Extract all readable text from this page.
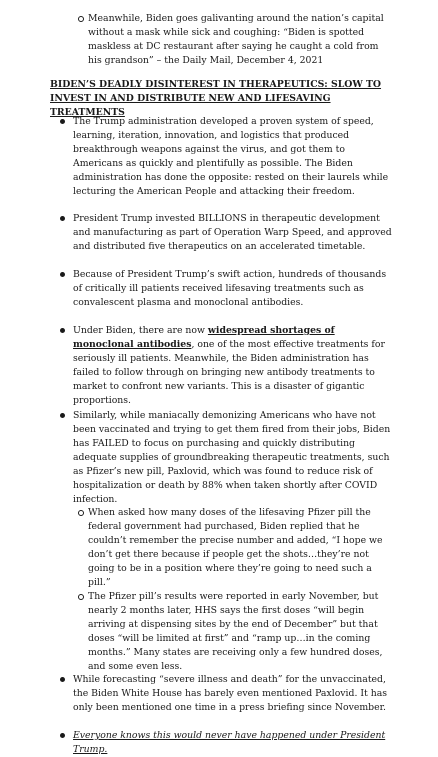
Meanwhile, Biden goes galivanting around the nation’s capital without a mask while sick and coughing: “Biden is spotted maskless at DC restaurant after saying he caught a cold from his grandson” – the Daily Mail, December 4, 2021
BIDEN’S DEADLY DISINTEREST IN THERAPEUTICS: SLOW TO INVEST IN AND DISTRIBUTE NEW AND LIFESAVING TREATMENTS
The Trump administration developed a proven system of speed, learning, iteration, innovation, and logistics that produced breakthrough weapons against the virus, and got them to Americans as quickly and plentifully as possible. The Biden administration has done the opposite: rested on their laurels while lecturing the American People and attacking their freedom.
President Trump invested BILLIONS in therapeutic development and manufacturing as part of Operation Warp Speed, and approved and distributed five therapeutics on an accelerated timetable.
Because of President Trump’s swift action, hundreds of thousands of critically ill patients received lifesaving treatments such as convalescent plasma and monoclonal antibodies.
Under Biden, there are now widespread shortages of monoclonal antibodies, one of the most effective treatments for seriously ill patients. Meanwhile, the Biden administration has failed to follow through on bringing new antibody treatments to market to confront new variants. This is a disaster of gigantic proportions.
Similarly, while maniacally demonizing Americans who have not been vaccinated and trying to get them fired from their jobs, Biden has FAILED to focus on purchasing and quickly distributing adequate supplies of groundbreaking therapeutic treatments, such as Pfizer’s new pill, Paxlovid, which was found to reduce risk of hospitalization or death by 88% when taken shortly after COVID infection.
When asked how many doses of the lifesaving Pfizer pill the federal government had purchased, Biden replied that he couldn’t remember the precise number and added, “I hope we don’t get there because if people get the shots…they’re not going to be in a position where they’re going to need such a pill.”
The Pfizer pill’s results were reported in early November, but nearly 2 months later, HHS says the first doses “will begin arriving at dispensing sites by the end of December” but that doses “will be limited at first” and “ramp up…in the coming months.” Many states are receiving only a few hundred doses, and some even less.
While forecasting “severe illness and death” for the unvaccinated, the Biden White House has barely even mentioned Paxlovid. It has only been mentioned one time in a press briefing since November.
Everyone knows this would never have happened under President Trump.
